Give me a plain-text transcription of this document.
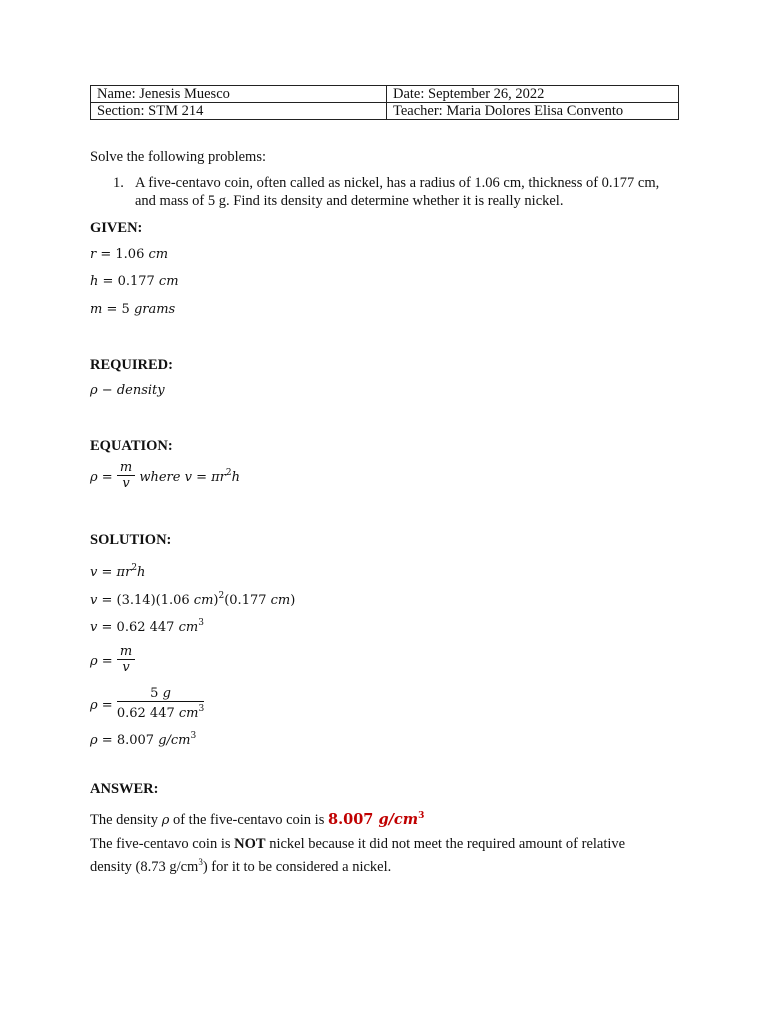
Name: Jenesis Muesco	Date: September 26, 2022
Section: STM 214	Teacher: Maria Dolores Elisa Convento
Solve the following problems:
1. A five-centavo coin, often called as nickel, has a radius of 1.06 cm, thickness of 0.177 cm,
and mass of 5 g. Find its density and determine whether it is really nickel.
GIVEN:
r = 1.06 cm
h = 0.177 cm
m = 5 grams
REQUIRED:
ρ − density
EQUATION:
$\rho = \frac{m}{v}$ where $v = \pi r^2h$
SOLUTION:
$v = \pi r^2h$
v = (3.14)(1.06 cm)$^2$(0.177 cm)
v = 0.62 447 $cm^3$
$\rho = \frac{m}{v}$
$\rho = \frac{5 g}{0.62 447 cm^3}$
ρ = 8.007 $g/cm^3$
ANSWER:
The density ρ of the five-centavo coin is 8.007 $g/cm^3$
The five-centavo coin is NOT nickel because it did not meet the required amount of relative
density (8.73 $g/cm^3$) for it to be considered a nickel.
